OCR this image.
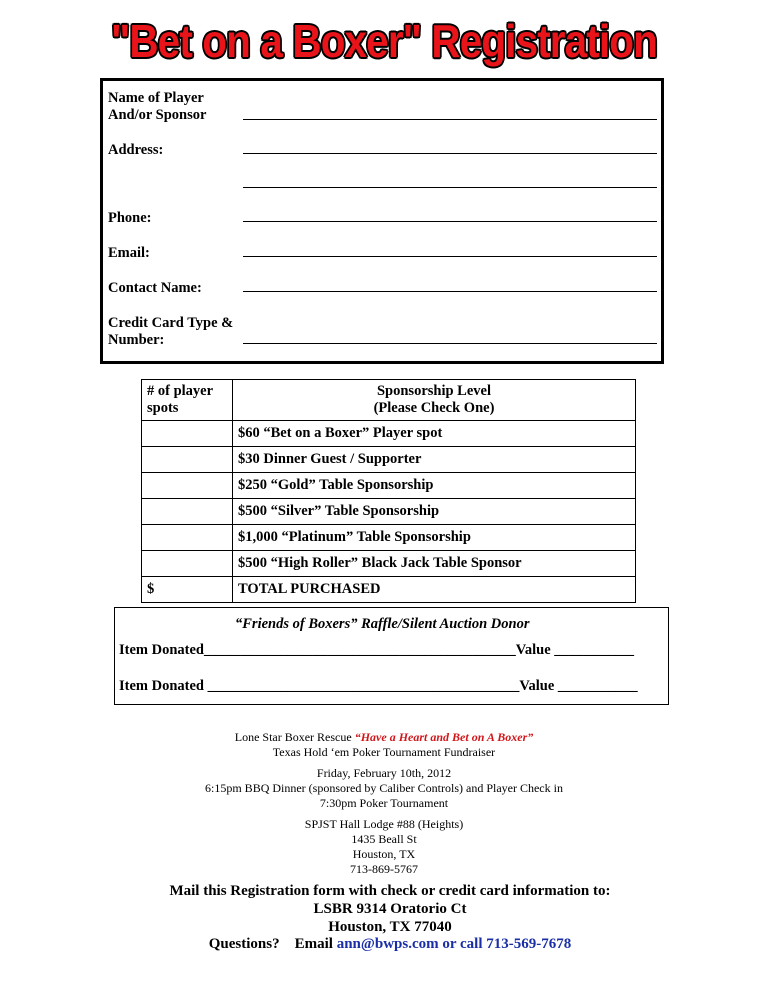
"Bet on a Boxer" Registration
Name of Player
And/or Sponsor
Address:
Phone:
Email:
Contact Name:
Credit Card Type &
Number:
# of player
spots	Sponsorship Level
(Please Check One)
	$60 “Bet on a Boxer” Player spot
	$30 Dinner Guest / Supporter
	$250 “Gold” Table Sponsorship
	$500 “Silver” Table Sponsorship
	$1,000 “Platinum” Table Sponsorship
	$500 “High Roller” Black Jack Table Sponsor
$	TOTAL PURCHASED
“Friends of Boxers” Raffle/Silent Auction Donor
Item Donated___________________________________________Value ___________
Item Donated ___________________________________________Value ___________
Lone Star Boxer Rescue “Have a Heart and Bet on A Boxer”
Texas Hold ‘em Poker Tournament Fundraiser
Friday, February 10th, 2012
6:15pm BBQ Dinner (sponsored by Caliber Controls) and Player Check in
7:30pm Poker Tournament
SPJST Hall Lodge #88 (Heights)
1435 Beall St
Houston, TX
713-869-5767
Mail this Registration form with check or credit card information to:
LSBR 9314 Oratorio Ct
Houston, TX 77040
Questions? Email ann@bwps.com or call 713-569-7678
